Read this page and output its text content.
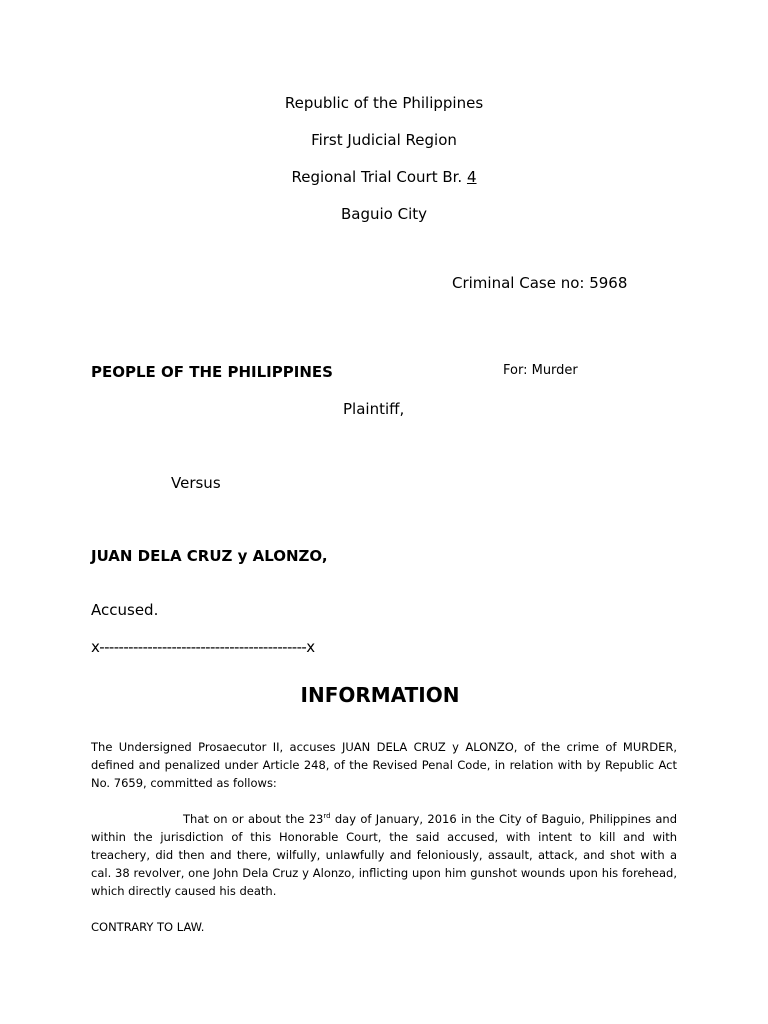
Republic of the Philippines
First Judicial Region
Regional Trial Court Br. 4
Baguio City
Criminal Case no: 5968
PEOPLE OF THE PHILIPPINES	For: Murder
Plaintiff,
Versus
JUAN DELA CRUZ y ALONZO,
Accused.
x-------------------------------------------x
INFORMATION
The Undersigned Prosaecutor II, accuses JUAN DELA CRUZ y ALONZO, of the crime of MURDER, defined and penalized under Article 248, of the Revised Penal Code, in relation with by Republic Act No. 7659, committed as follows:
That on or about the 23rd day of January, 2016 in the City of Baguio, Philippines and within the jurisdiction of this Honorable Court, the said accused, with intent to kill and with treachery, did then and there, wilfully, unlawfully and feloniously, assault, attack, and shot with a cal. 38 revolver, one John Dela Cruz y Alonzo, inflicting upon him gunshot wounds upon his forehead, which directly caused his death.
CONTRARY TO LAW.
